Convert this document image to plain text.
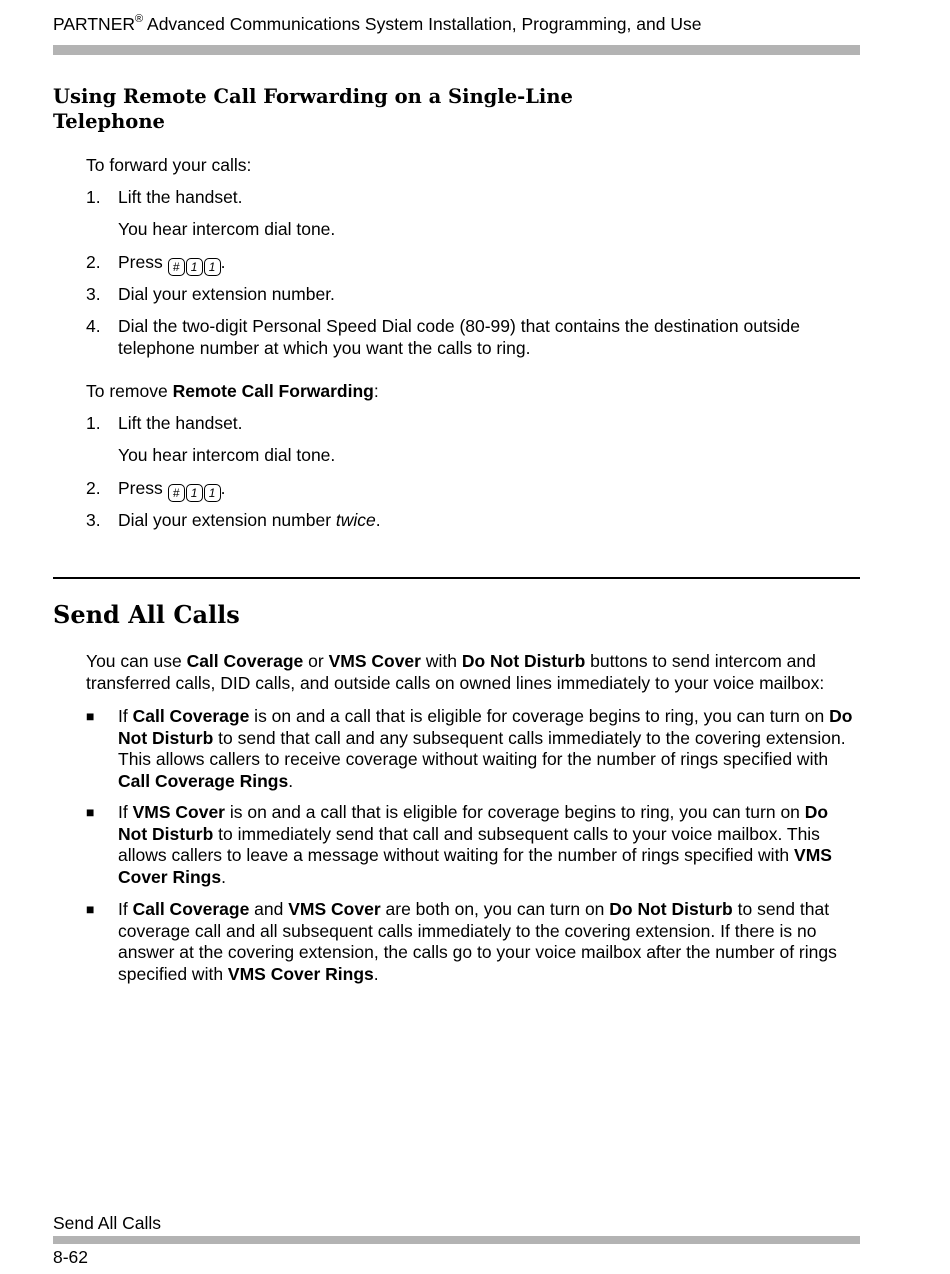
PARTNER® Advanced Communications System Installation, Programming, and Use
Using Remote Call Forwarding on a Single-Line Telephone
To forward your calls:
1. Lift the handset.
You hear intercom dial tone.
2. Press # 1 1 .
3. Dial your extension number.
4. Dial the two-digit Personal Speed Dial code (80-99) that contains the destination outside telephone number at which you want the calls to ring.
To remove Remote Call Forwarding:
1. Lift the handset.
You hear intercom dial tone.
2. Press # 1 1 .
3. Dial your extension number twice.
Send All Calls
You can use Call Coverage or VMS Cover with Do Not Disturb buttons to send intercom and transferred calls, DID calls, and outside calls on owned lines immediately to your voice mailbox:
■ If Call Coverage is on and a call that is eligible for coverage begins to ring, you can turn on Do Not Disturb to send that call and any subsequent calls immediately to the covering extension. This allows callers to receive coverage without waiting for the number of rings specified with Call Coverage Rings.
■ If VMS Cover is on and a call that is eligible for coverage begins to ring, you can turn on Do Not Disturb to immediately send that call and subsequent calls to your voice mailbox. This allows callers to leave a message without waiting for the number of rings specified with VMS Cover Rings.
■ If Call Coverage and VMS Cover are both on, you can turn on Do Not Disturb to send that coverage call and all subsequent calls immediately to the covering extension. If there is no answer at the covering extension, the calls go to your voice mailbox after the number of rings specified with VMS Cover Rings.
Send All Calls
8-62
